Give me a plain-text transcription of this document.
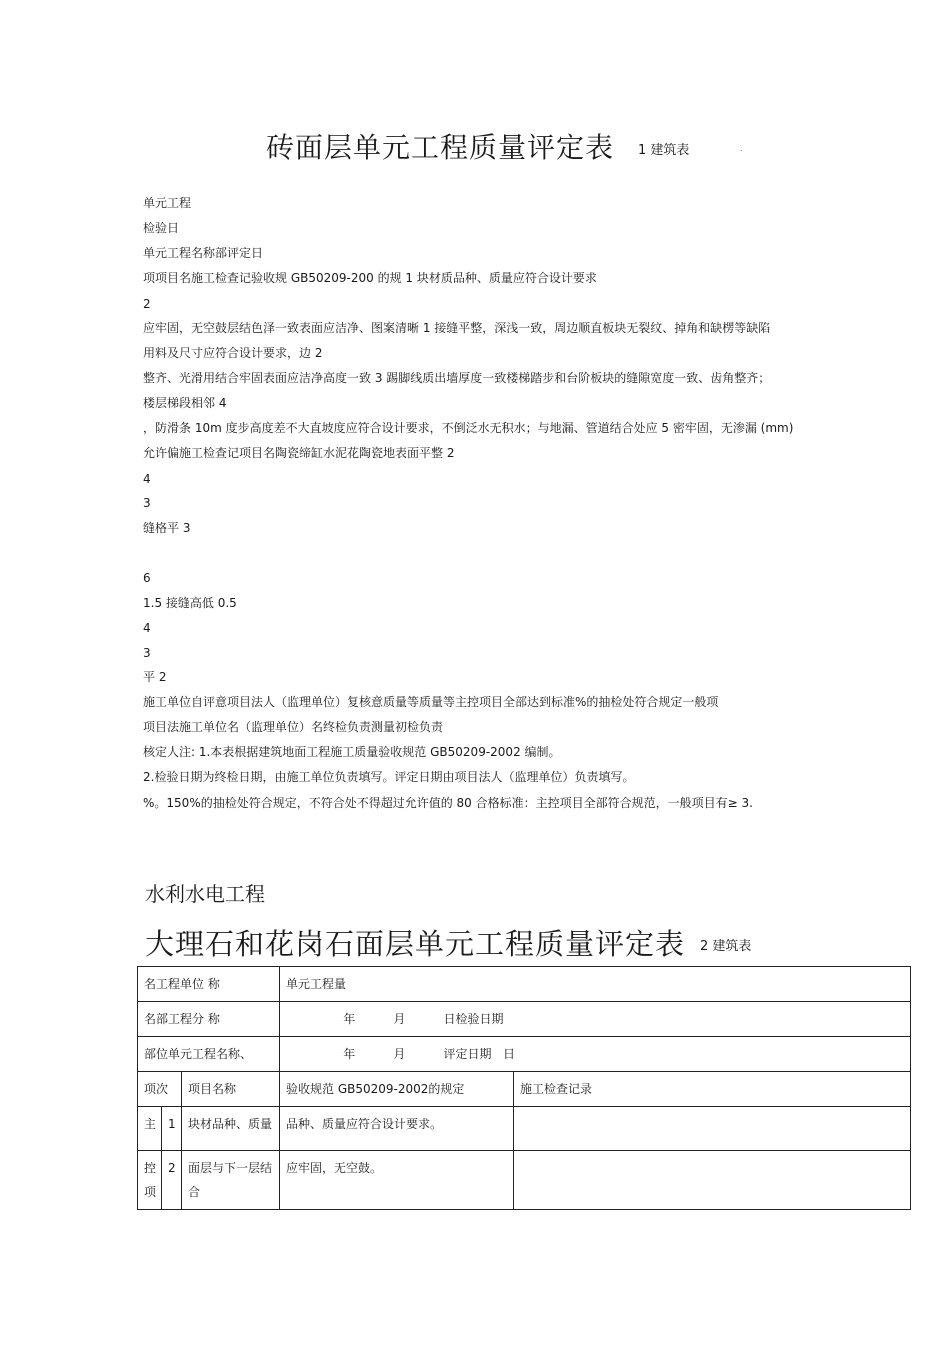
砖面层单元工程质量评定表 1 建筑表	.
单元工程
检验日
单元工程名称部评定日
项项目名施工检查记验收规 GB50209-200 的规 1 块材质品种、质量应符合设计要求
2
应牢固，无空鼓层结色泽一致表面应洁净、图案清晰 1 接缝平整，深浅一致，周边顺直板块无裂纹、掉角和缺楞等缺陷
用料及尺寸应符合设计要求，边 2
整齐、光滑用结合牢固表面应洁净高度一致 3 踢脚线质出墙厚度一致楼梯踏步和台阶板块的缝隙宽度一致、齿角整齐；
楼层梯段相邻 4
，防滑条 10m 度步高度差不大直坡度应符合设计要求，不倒泛水无积水；与地漏、管道结合处应 5 密牢固，无渗漏 (mm)
允许偏施工检查记项目名陶瓷缔缸水泥花陶瓷地表面平整 2
4
3
缝格平 3
6
1.5 接缝高低 0.5
4
3
平 2
施工单位自评意项目法人（监理单位）复核意质量等质量等主控项目全部达到标准%的抽检处符合规定一般项
项目法施工单位名（监理单位）名终检负责测量初检负责
核定人注: 1.本表根据建筑地面工程施工质量验收规范 GB50209-2002 编制。
2.检验日期为终检日期，由施工单位负责填写。评定日期由项目法人（监理单位）负责填写。
%。150%的抽检处符合规定，不符合处不得超过允许值的 80 合格标准：主控项目全部符合规范，一般项目有≥ 3.
水利水电工程
大理石和花岗石面层单元工程质量评定表 2 建筑表
名工程单位 称			单元工程量	
名部工程分 称			年          月          日检验日期	
部位单元工程名称、			年          月          评定日期   日	
项次		项目名称	验收规范 GB50209-2002的规定	施工检查记录
主	1	块材品种、质量	品种、质量应符合设计要求。	
控项	2	面层与下一层结合	应牢固，无空鼓。	
